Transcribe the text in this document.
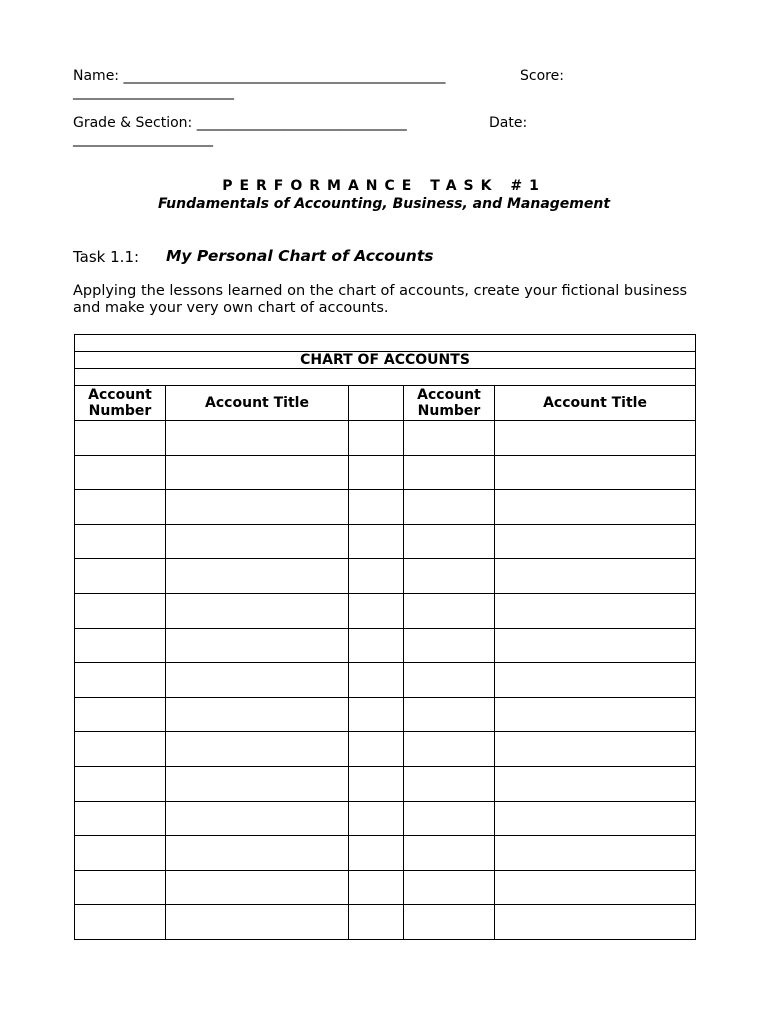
Name: ______________________________________________	Score:
_______________________
Grade & Section: ______________________________	Date:
____________________
PERFORMANCE TASK #1
Fundamentals of Accounting, Business, and Management
Task 1.1: My Personal Chart of Accounts
Applying the lessons learned on the chart of accounts, create your fictional business and make your very own chart of accounts.

CHART OF ACCOUNTS				

Account Number	Account Title		Account Number	Account Title
